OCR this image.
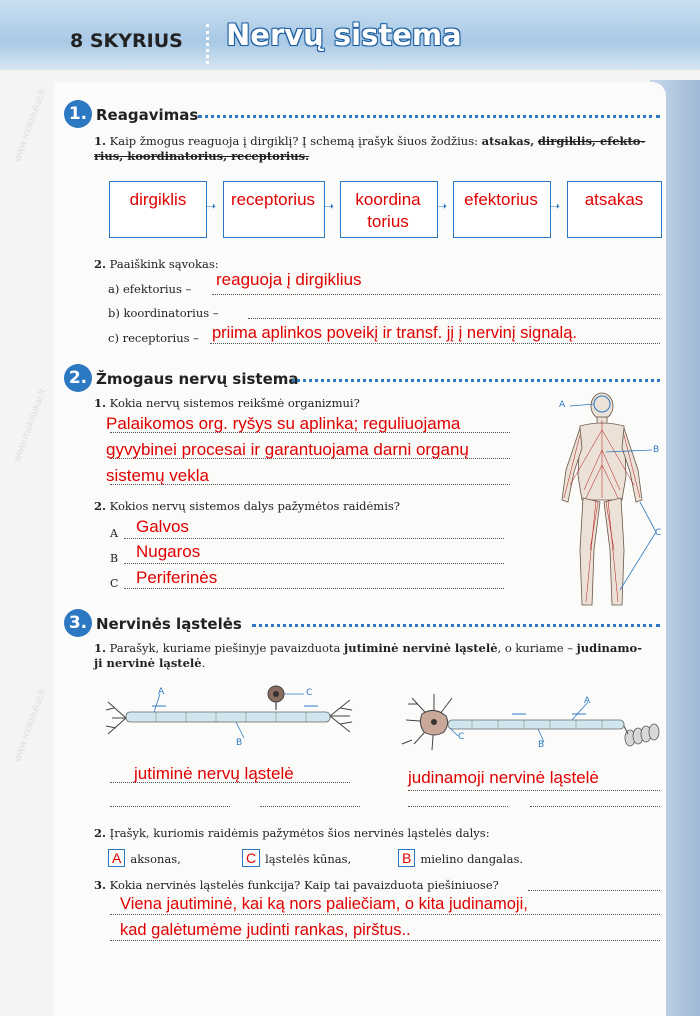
8 SKYRIUS Nervų sistema
www.mokslukai.lt
www.mokslukai.lt
www.mokslukai.lt
1. Reagavimas
1. Kaip žmogus reaguoja į dirgiklį? Į schemą įrašyk šiuos žodžius: atsakas, dirgiklis, efekto-
rius, koordinatorius, receptorius.
➝	➝	➝	➝
dirgiklis	receptorius	koordina
torius
efektorius	atsakas
2. Paaiškink sąvokas:
a) efektorius – reaguoja į dirgiklius
b) koordinatorius –
c) receptorius – priima aplinkos poveikį ir transf. jį į nervinį signalą.
2. Žmogaus nervų sistema
1. Kokia nervų sistemos reikšmė organizmui?
Palaikomos org. ryšys su aplinka; reguliuojama
gyvybinei procesai ir garantuojama darni organų
sistemų vekla
2. Kokios nervų sistemos dalys pažymėtos raidėmis?
A Galvos
B Nugaros
C Periferinės
A
B
C
3. Nervinės ląstelės
1. Parašyk, kuriame piešinyje pavaizduota jutiminė nervinė ląstelė, o kuriame – judinamo-
ji nervinė ląstelė.
A	C
B
A
B
C
jutiminė nervų ląstelė	judinamoji nervinė ląstelė
2. Įrašyk, kuriomis raidėmis pažymėtos šios nervinės ląstelės dalys:
A aksonas,	C ląstelės kūnas,	B mielino dangalas.
3. Kokia nervinės ląstelės funkcija? Kaip tai pavaizduota piešiniuose?
Viena jautiminė, kai ką nors paliečiam, o kita judinamoji,
kad galėtumėme judinti rankas, pirštus..
